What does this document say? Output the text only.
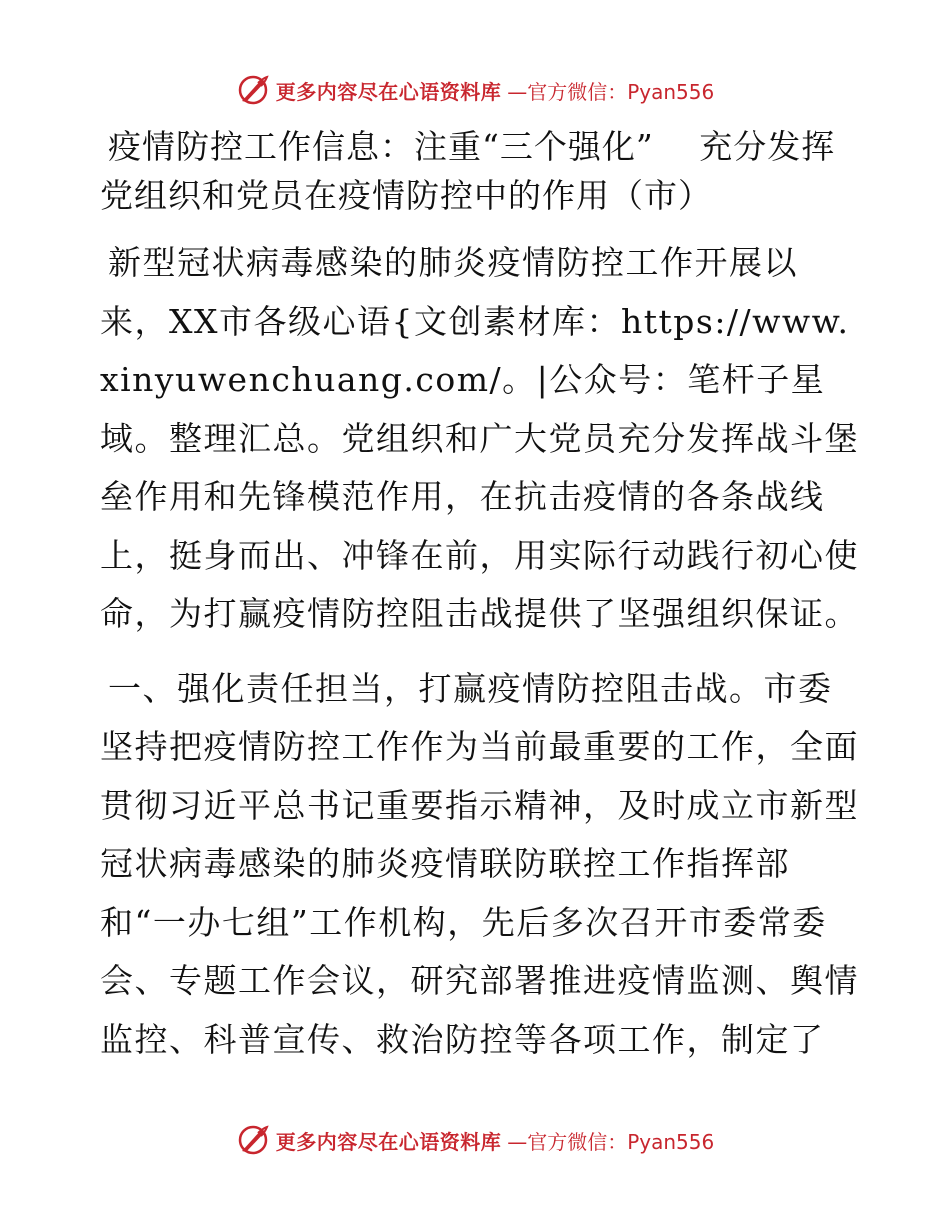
更多内容尽在心语资料库 —官方微信：Pyan556
疫情防控工作信息：注重“三个强化”　 充分发挥党组织和党员在疫情防控中的作用（市）

新型冠状病毒感染的肺炎疫情防控工作开展以来，XX市各级心语{文创素材库：https://www.xinyuwenchuang.com/。|公众号：笔杆子星域。整理汇总。党组织和广大党员充分发挥战斗堡垒作用和先锋模范作用，在抗击疫情的各条战线上，挺身而出、冲锋在前，用实际行动践行初心使命，为打赢疫情防控阻击战提供了坚强组织保证。

一、强化责任担当，打赢疫情防控阻击战。市委坚持把疫情防控工作作为当前最重要的工作，全面贯彻习近平总书记重要指示精神，及时成立市新型冠状病毒感染的肺炎疫情联防联控工作指挥部和“一办七组”工作机构，先后多次召开市委常委会、专题工作会议，研究部署推进疫情监测、舆情监控、科普宣传、救治防控等各项工作，制定了

更多内容尽在心语资料库 —官方微信：Pyan556
